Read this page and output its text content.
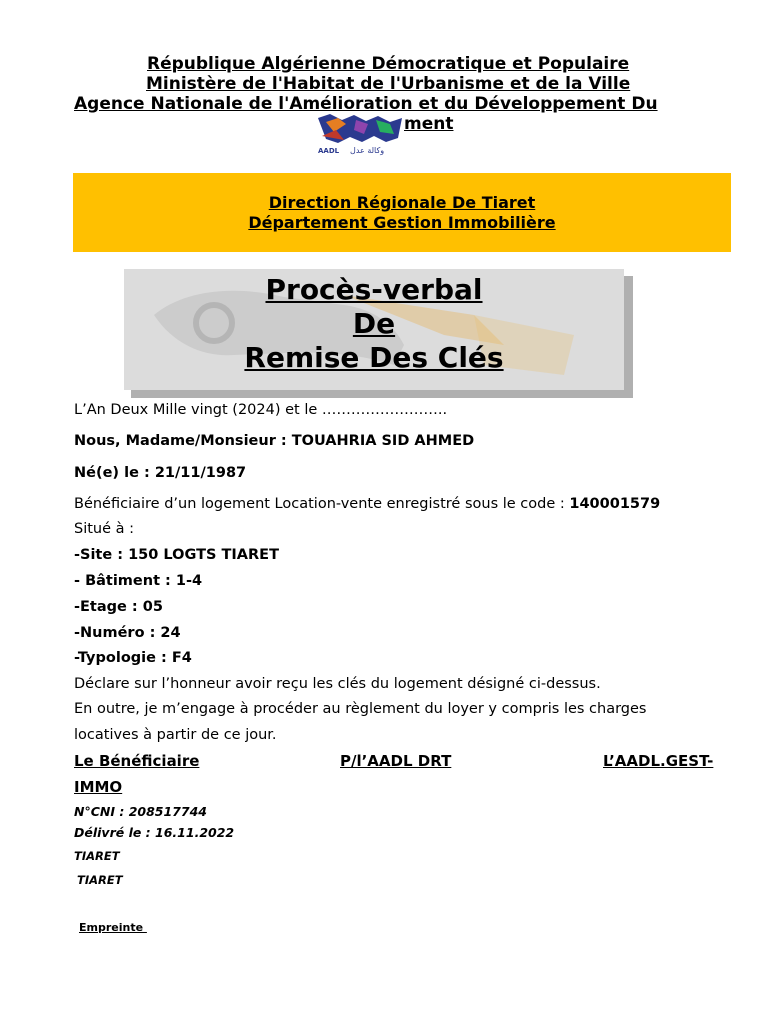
République Algérienne Démocratique et Populaire
Ministère de l'Habitat de l'Urbanisme et de la Ville
Agence Nationale de l'Amélioration et du Développement Du
ment
AADL وكالة عدل
Direction Régionale De Tiaret
Département Gestion Immobilière
Procès-verbal
De
Remise Des Clés
L’An Deux Mille vingt (2024) et le ……………………..
Nous, Madame/Monsieur : TOUAHRIA SID AHMED
Né(e) le : 21/11/1987
Bénéficiaire d’un logement Location-vente enregistré sous le code : 140001579
Situé à :
-Site : 150 LOGTS TIARET
- Bâtiment : 1-4
-Etage : 05
-Numéro : 24
-Typologie : F4
Déclare sur l’honneur avoir reçu les clés du logement désigné ci-dessus.
En outre, je m’engage à procéder au règlement du loyer y compris les charges
locatives à partir de ce jour.
Le Bénéficiaire	P/l’AADL DRT	L’AADL.GEST-
IMMO
N°CNI : 208517744
Délivré le : 16.11.2022
TIARET
TIARET
Empreinte
